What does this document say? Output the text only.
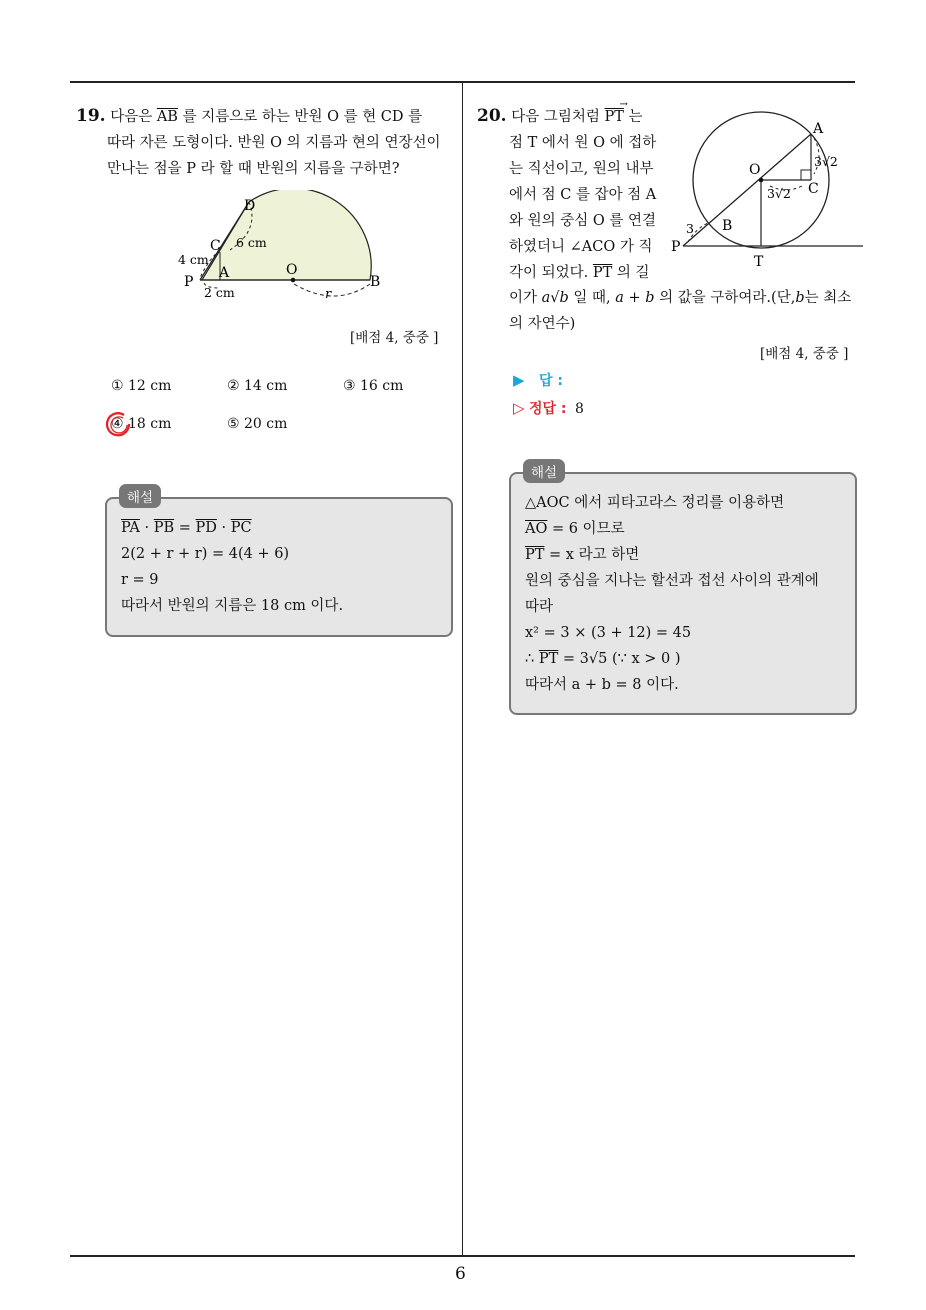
6
19. 다음은 $\overline{AB}$ 를 지름으로 하는 반원 O 를 현 CD 를
따라 자른 도형이다. 반원 O 의 지름과 현의 연장선이
만나는 점을 P 라 할 때 반원의 지름을 구하면?
D
C
A
P
O
B
6 cm
4 cm
2 cm	r
[배점 4, 중중 ]
① 12 cm	② 14 cm	③ 16 cm
④ 18 cm	⑤ 20 cm
$\overline{PA} \cdot \overline{PB} = \overline{PD} \cdot \overline{PC}$
2(2 + r + r) = 4(4 + 6)
r = 9
따라서 반원의 지름은 18 cm 이다.
해설
20. 다음 그림처럼 $\overline{PT}$
→
는
점 T 에서 원 O 에 접하
는 직선이고, 원의 내부
에서 점 C 를 잡아 점 A
와 원의 중심 O 를 연결
하였더니 ∠ACO 가 직
각이 되었다. $\overline{PT}$ 의 길
이가 a√b 일 때, a + b 의 값을 구하여라.(단,b는 최소
의 자연수)
A
O
C
B
P
T
3√2
3√2
3
[배점 4, 중중 ]
▶ 답 :
▷ 정답 : 8
△AOC 에서 피타고라스 정리를 이용하면
$\overline{AO} = 6$ 이므로
$\overline{PT} = x$ 라고 하면
원의 중심을 지나는 할선과 접선 사이의 관계에
따라
x² = 3 × (3 + 12) = 45
∴ $\overline{PT} = 3√5$ (∵ x > 0 )
따라서 a + b = 8 이다.
해설
